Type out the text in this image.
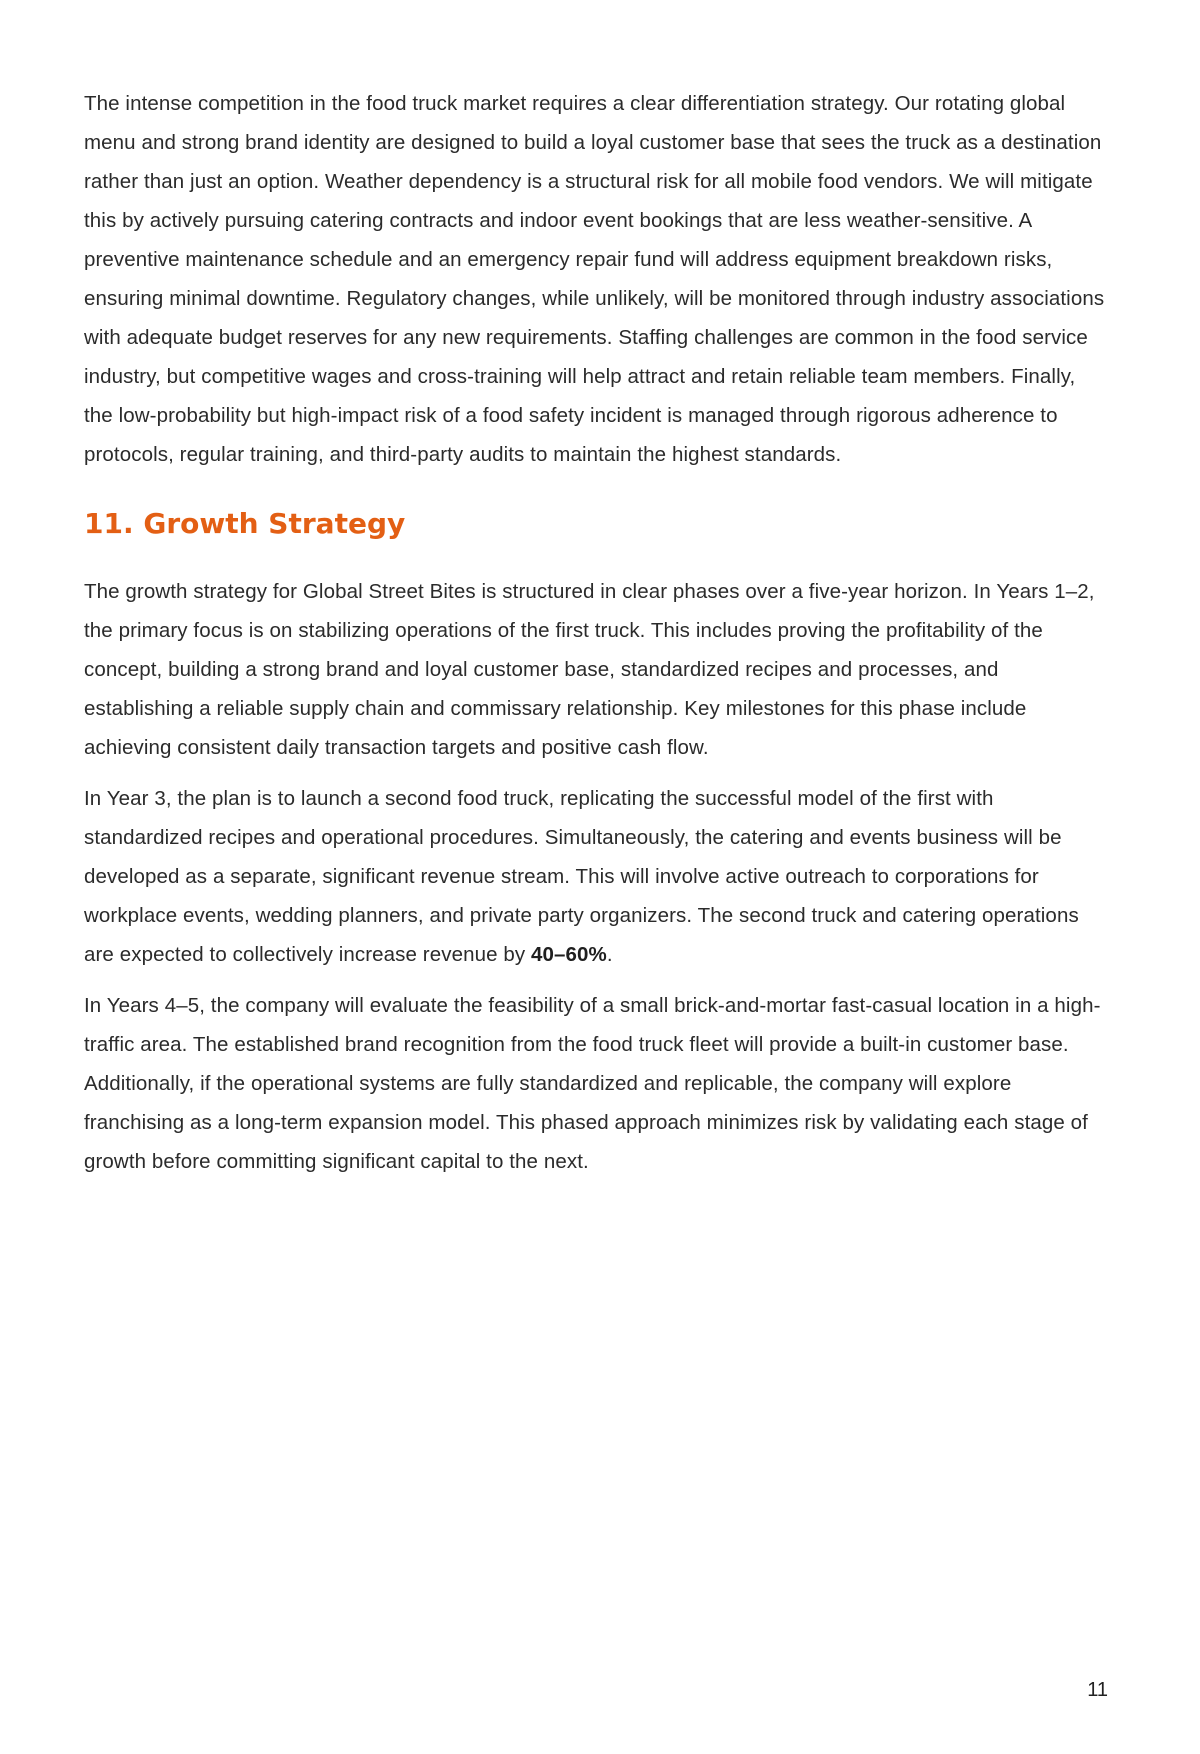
The intense competition in the food truck market requires a clear differentiation strategy. Our rotating global menu and strong brand identity are designed to build a loyal customer base that sees the truck as a destination rather than just an option. Weather dependency is a structural risk for all mobile food vendors. We will mitigate this by actively pursuing catering contracts and indoor event bookings that are less weather-sensitive. A preventive maintenance schedule and an emergency repair fund will address equipment breakdown risks, ensuring minimal downtime. Regulatory changes, while unlikely, will be monitored through industry associations with adequate budget reserves for any new requirements. Staffing challenges are common in the food service industry, but competitive wages and cross-training will help attract and retain reliable team members. Finally, the low-probability but high-impact risk of a food safety incident is managed through rigorous adherence to protocols, regular training, and third-party audits to maintain the highest standards.

11. Growth Strategy

The growth strategy for Global Street Bites is structured in clear phases over a five-year horizon. In Years 1–2, the primary focus is on stabilizing operations of the first truck. This includes proving the profitability of the concept, building a strong brand and loyal customer base, standardized recipes and processes, and establishing a reliable supply chain and commissary relationship. Key milestones for this phase include achieving consistent daily transaction targets and positive cash flow.

In Year 3, the plan is to launch a second food truck, replicating the successful model of the first with standardized recipes and operational procedures. Simultaneously, the catering and events business will be developed as a separate, significant revenue stream. This will involve active outreach to corporations for workplace events, wedding planners, and private party organizers. The second truck and catering operations are expected to collectively increase revenue by 40–60%.

In Years 4–5, the company will evaluate the feasibility of a small brick-and-mortar fast-casual location in a high-traffic area. The established brand recognition from the food truck fleet will provide a built-in customer base. Additionally, if the operational systems are fully standardized and replicable, the company will explore franchising as a long-term expansion model. This phased approach minimizes risk by validating each stage of growth before committing significant capital to the next.

11
